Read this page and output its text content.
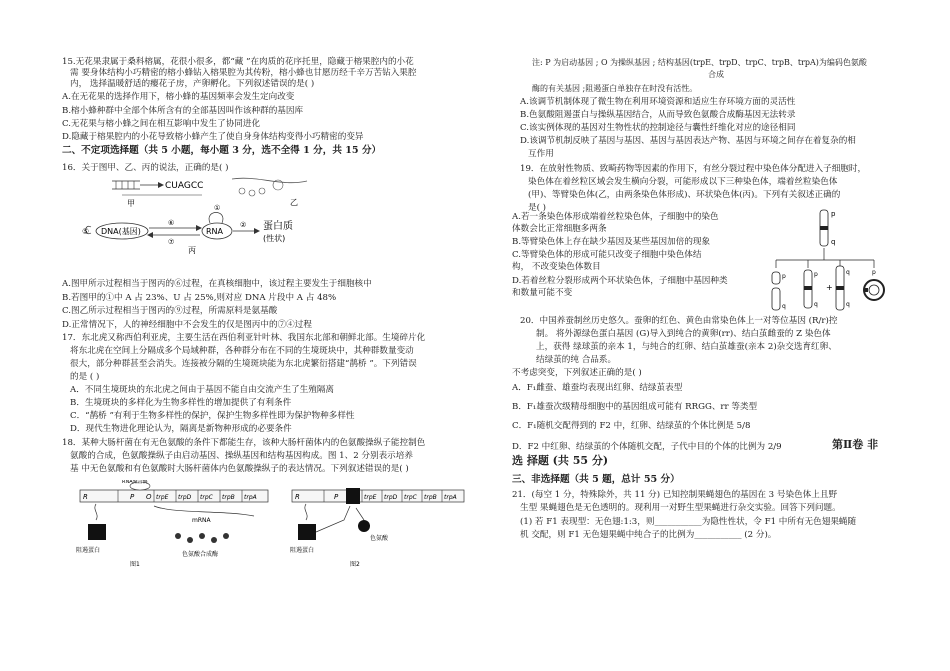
15.无花果隶属于桑科榕属，花很小很多，都“藏 ”在肉质的花序托里，隐藏于榕果腔内的小花
需 要身体结构小巧精密的榕小蜂钻入榕果腔为其传粉，榕小蜂也甘愿历经千辛万苦钻入果腔
内， 选择温暖舒适的瘿花子房，产卵孵化。下列叙述错误的是( )
A.在无花果的选择作用下，榕小蜂的基因频率会发生定向改变
B.榕小蜂种群中全部个体所含有的全部基因叫作该种群的基因库
C.无花果与榕小蜂之间在相互影响中发生了协同进化
D.隐藏于榕果腔内的小花导致榕小蜂产生了使自身身体结构变得小巧精密的变异
二、不定项选择题（共 5 小题，每小题 3 分，选不全得 1 分，共 15 分）
16．关于图甲、乙、丙的说法，正确的是( )
CUAGCC
甲	乙
⑤ DNA(基因)
⑥
⑦
①
RNA
② 蛋白质
(性状)
丙
A.图甲所示过程相当于图丙的⑥过程，在真核细胞中，该过程主要发生于细胞核中
B.若图甲的①中 A 占 23%、U 占 25%,则对应 DNA 片段中 A 占 48%
C.图乙所示过程相当于图丙的⑨过程，所需原料是氨基酸
D.正常情况下，人的神经细胞中不会发生的仅是图丙中的⑦④过程
17．东北虎又称西伯利亚虎，主要生活在西伯利亚针叶林、我国东北部和朝鲜北部。生境碎片化
将东北虎在空间上分隔成多个局域种群，各种群分布在不同的生境斑块中，其种群数量变动
很大，部分种群甚至会消失。连接被分隔的生境斑块能为东北虎繁衍搭建“鹊桥 ”。下列错误
的是 ( )
A．不同生境斑块的东北虎之间由于基因不能自由交流产生了生殖隔离
B．生境斑块的多样化为生物多样性的增加提供了有利条件
C．“鹊桥 ”有利于生物多样性的保护，保护生物多样性即为保护物种多样性
D．现代生物进化理论认为，隔离是新物种形成的必要条件
18．某种大肠杆菌在有无色氨酸的条件下都能生存，该种大肠杆菌体内的色氨酸操纵子能控制色
氨酸的合成，色氨酸操纵子由启动基因、操纵基因和结构基因构成。图 1、2 分别表示培养
基 中无色氨酸和有色氨酸时大肠杆菌体内色氨酸操纵子的表达情况。下列叙述错误的是( )
R	P O trpE trpD trpC trpB trpA
RNA聚合酶
阻遏蛋白
mRNA
色氨酸合成酶
图1
R	P	trpE trpD trpC trpB trpA
阻遏蛋白
色氨酸
图2
注: P 为启动基因 ; O 为操纵基因 ; 结构基因(trpE、trpD、trpC、trpB、trpA)为编码色氨酸
合成
酶的有关基因 ;阻遏蛋白单独存在时没有活性。
A.该调节机制体现了微生物在利用环境资源和适应生存环境方面的灵活性
B.色氨酸阻遏蛋白与操纵基因结合，从而导致色氨酸合成酶基因无法转录
C.该实例体现的基因对生物性状的控制途径与囊性纤维化对应的途径相同
D.该调节机制反映了基因与基因、基因与基因表达产物、基因与环境之间存在着复杂的相
互作用
19．在放射性物质、致畸药物等因素的作用下，有丝分裂过程中染色体分配进入子细胞时，
染色体在着丝粒区域会发生横向分裂，可能形成以下三种染色体，端着丝粒染色体
(甲)、等臂染色体(乙，由两条染色体形成)、环状染色体(丙)。下列有关叙述正确的
是( )
A.若一条染色体形成端着丝粒染色体，子细胞中的染色
体数会比正常细胞多两条
B.等臂染色体上存在缺少基因及某些基因加倍的现象
C.等臂染色体的形成可能只改变子细胞中染色体结
构， 不改变染色体数目
D.若着丝粒分裂形成两个环状染色体，子细胞中基因种类
和数量可能不变
p
q
p
q
p
q
q
q
+
p
20．中国养蚕制丝历史悠久。蚕卵的红色、黄色由常染色体上一对等位基因 (R/r)控
制。 将外源绿色蛋白基因 (G)导入到纯合的黄卵(rr)、结白茧雌蚕的 Z 染色体
上，获得 绿球茧的亲本 1，与纯合的红卵、结白茧雄蚕(亲本 2)杂交选育红卵、
结绿茧的纯 合品系。
不考虑突变，下列叙述正确的是( )
A．F₁雌蚕、雄蚕均表现出红卵、结绿茧表型
B．F₁雄蚕次级精母细胞中的基因组成可能有 RRGG、rr 等类型
C．F₁随机交配得到的 F2 中，红卵、结绿茧的个体比例是 5/8
D．F2 中红卵、结绿茧的个体随机交配，子代中目的个体的比例为 2/9	第Ⅱ卷 非
选 择题 (共 55 分)
三、非选择题（共 5 题，总计 55 分）
21．(每空 1 分，特殊除外，共 11 分) 已知控制果蝇翅色的基因在 3 号染色体上且野
生型 果蝇翅色是无色透明的。现利用一对野生型果蝇进行杂交实验。回答下列问题。
(1) 若 F1 表现型：无色翅:1:3，则___________为隐性性状，令 F1 中所有无色翅果蝇随
机 交配，则 F1 无色翅果蝇中纯合子的比例为___________ (2 分)。
